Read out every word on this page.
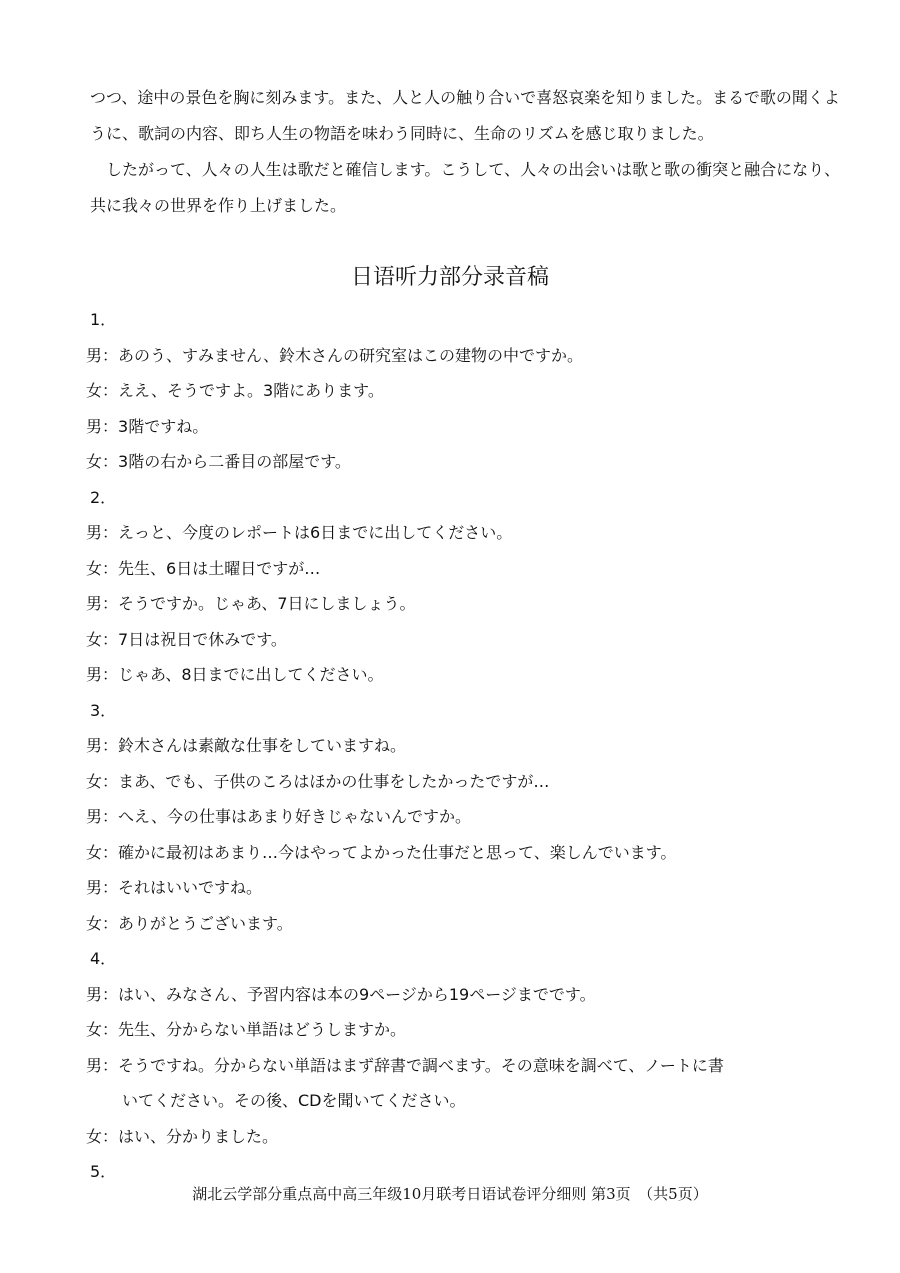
つつ、途中の景色を胸に刻みます。また、人と人の触り合いで喜怒哀楽を知りました。まるで歌の聞くよ
うに、歌詞の内容、即ち人生の物語を味わう同時に、生命のリズムを感じ取りました。
　したがって、人々の人生は歌だと確信します。こうして、人々の出会いは歌と歌の衝突と融合になり、
共に我々の世界を作り上げました。
日语听力部分录音稿
1．
男：あのう、すみません、鈴木さんの研究室はこの建物の中ですか。
女：ええ、そうですよ。3階にあります。
男：3階ですね。
女：3階の右から二番目の部屋です。
2．
男：えっと、今度のレポートは6日までに出してください。
女：先生、6日は土曜日ですが…
男：そうですか。じゃあ、7日にしましょう。
女：7日は祝日で休みです。
男：じゃあ、8日までに出してください。
3．
男：鈴木さんは素敵な仕事をしていますね。
女：まあ、でも、子供のころはほかの仕事をしたかったですが…
男：へえ、今の仕事はあまり好きじゃないんですか。
女：確かに最初はあまり…今はやってよかった仕事だと思って、楽しんでいます。
男：それはいいですね。
女：ありがとうございます。
4．
男：はい、みなさん、予習内容は本の9ページから19ページまでです。
女：先生、分からない単語はどうしますか。
男：そうですね。分からない単語はまず辞書で調べます。その意味を調べて、ノートに書
いてください。その後、CDを聞いてください。
女：はい、分かりました。
5．
湖北云学部分重点高中高三年级10月联考日语试卷评分细则 第3页　（共5页）
